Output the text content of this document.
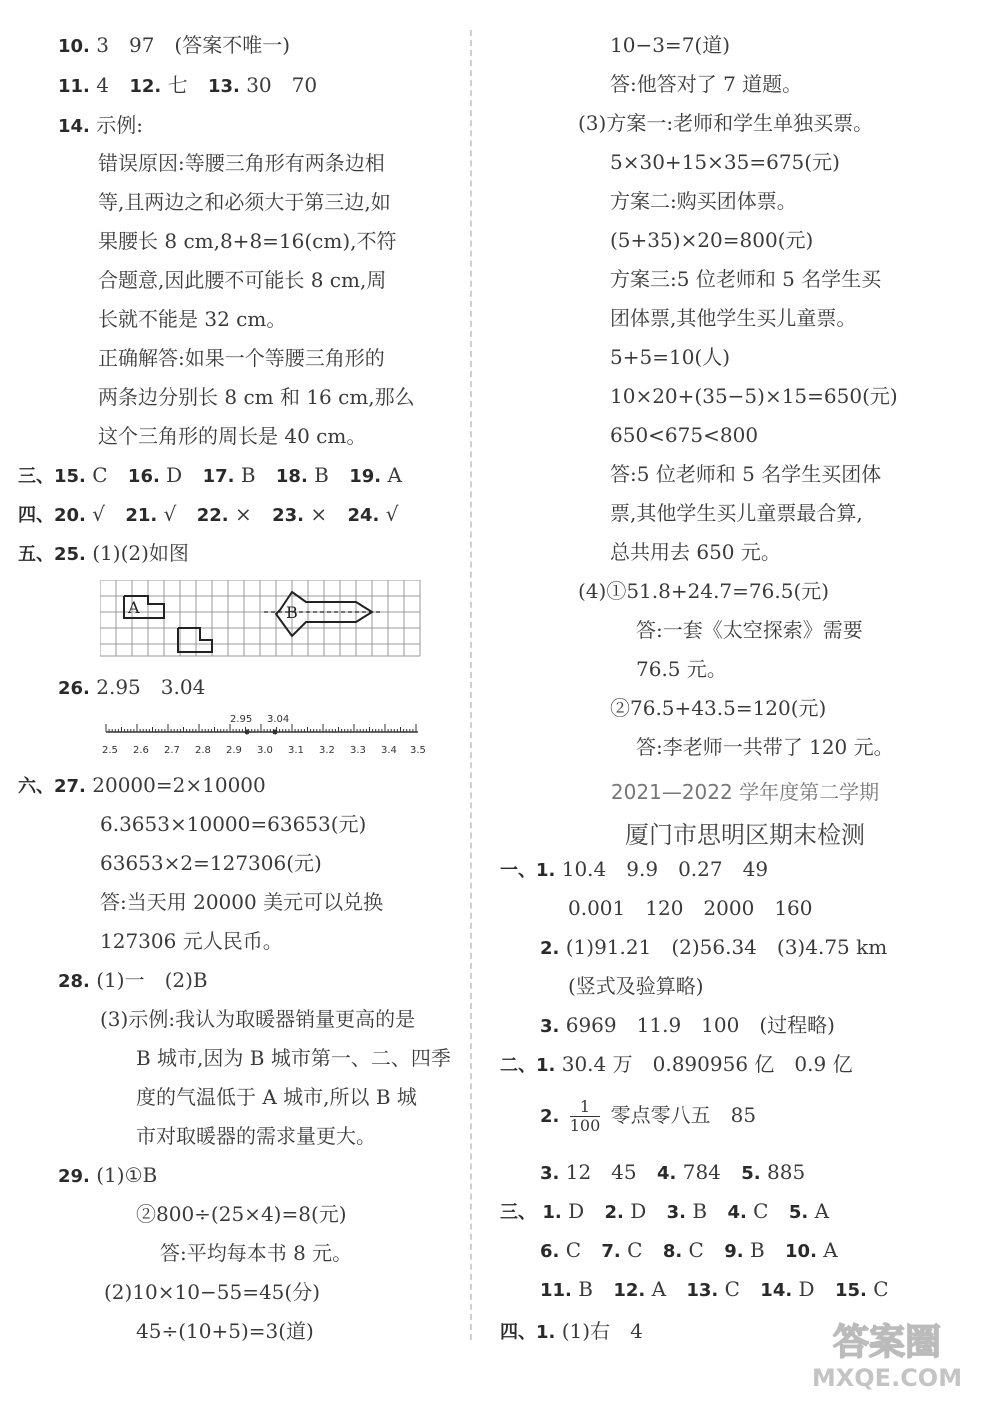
10. 3　97　(答案不唯一)
11. 4 12. 七 13. 30　70
14. 示例:
错误原因:等腰三角形有两条边相
等,且两边之和必须大于第三边,如
果腰长 8 cm,8+8=16(cm),不符
合题意,因此腰不可能长 8 cm,周
长就不能是 32 cm。
正确解答:如果一个等腰三角形的
两条边分别长 8 cm 和 16 cm,那么
这个三角形的周长是 40 cm。
三、15. C 16. D 17. B 18. B 19. A
四、20. √ 21. √ 22. × 23. × 24. √
五、25. (1)(2)如图
A	B
26. 2.95　3.04
2.95 3.04
2.5 2.6 2.7 2.8 2.9 3.0 3.1 3.2 3.3 3.4 3.5
六、27. 20000=2×10000
6.3653×10000=63653(元)
63653×2=127306(元)
答:当天用 20000 美元可以兑换
127306 元人民币。
28. (1)一　(2)B
(3)示例:我认为取暖器销量更高的是
B 城市,因为 B 城市第一、二、四季
度的气温低于 A 城市,所以 B 城
市对取暖器的需求量更大。
29. (1)①B
②800÷(25×4)=8(元)
答:平均每本书 8 元。
(2)10×10−55=45(分)
45÷(10+5)=3(道)
10−3=7(道)
答:他答对了 7 道题。
(3)方案一:老师和学生单独买票。
5×30+15×35=675(元)
方案二:购买团体票。
(5+35)×20=800(元)
方案三:5 位老师和 5 名学生买
团体票,其他学生买儿童票。
5+5=10(人)
10×20+(35−5)×15=650(元)
650<675<800
答:5 位老师和 5 名学生买团体
票,其他学生买儿童票最合算,
总共用去 650 元。
(4)①51.8+24.7=76.5(元)
答:一套《太空探索》需要
76.5 元。
②76.5+43.5=120(元)
答:李老师一共带了 120 元。
2021—2022 学年度第二学期
厦门市思明区期末检测
一、1. 10.4　9.9　0.27　49
0.001　120　2000　160
2. (1)91.21　(2)56.34　(3)4.75 km
(竖式及验算略)
3. 6969　11.9　100　(过程略)
二、1. 30.4 万　0.890956 亿　0.9 亿
2. $\frac{1}{100}$ 零点零八五　85
3. 12　45 4. 784 5. 885
三、 1. D 2. D 3. B 4. C 5. A
6. C 7. C 8. C 9. B 10. A
11. B 12. A 13. C 14. D 15. C
四、1. (1)右　4	答案圈
MXQE.COM
